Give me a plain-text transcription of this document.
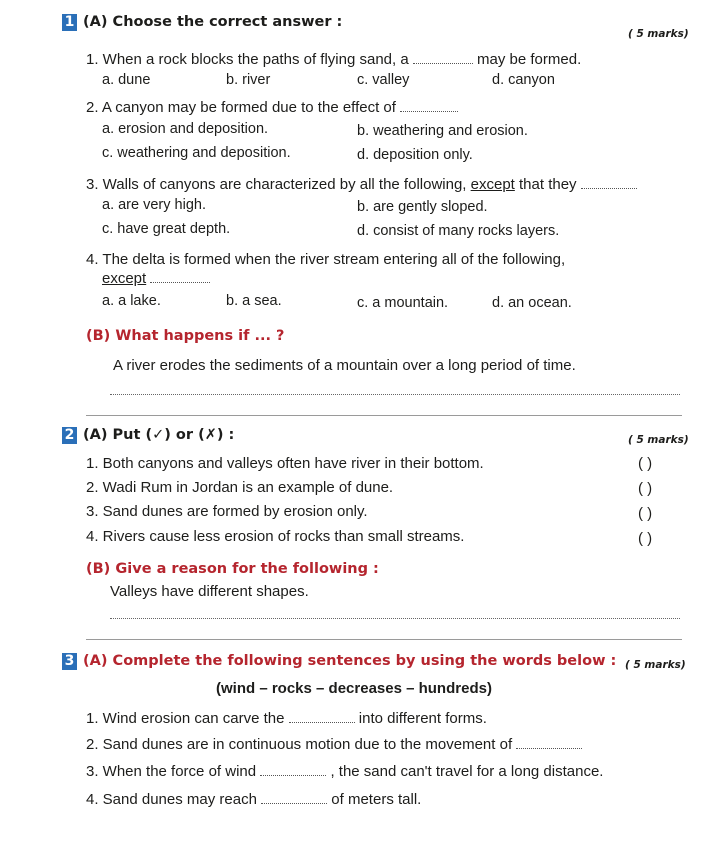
1 (A) Choose the correct answer :
( 5 marks)
1. When a rock blocks the paths of flying sand, a	may be formed.
a. dune	b. river	c. valley	d. canyon
2. A canyon may be formed due to the effect of
a. erosion and deposition.	b. weathering and erosion.
c. weathering and deposition.	d. deposition only.
3. Walls of canyons are characterized by all the following, except that they
a. are very high.	b. are gently sloped.
c. have great depth.	d. consist of many rocks layers.
4. The delta is formed when the river stream entering all of the following,
except
a. a lake.	b. a sea.	c. a mountain.	d. an ocean.
(B) What happens if ... ?
A river erodes the sediments of a mountain over a long period of time.
2 (A) Put (✓) or (✗) :	( 5 marks)
1. Both canyons and valleys often have river in their bottom.	( )
2. Wadi Rum in Jordan is an example of dune.	( )
3. Sand dunes are formed by erosion only.	( )
4. Rivers cause less erosion of rocks than small streams.	( )
(B) Give a reason for the following :
Valleys have different shapes.
3 (A) Complete the following sentences by using the words below : ( 5 marks)
(wind – rocks – decreases – hundreds)
1. Wind erosion can carve the	into different forms.
2. Sand dunes are in continuous motion due to the movement of
3. When the force of wind	, the sand can't travel for a long distance.
4. Sand dunes may reach	of meters tall.
